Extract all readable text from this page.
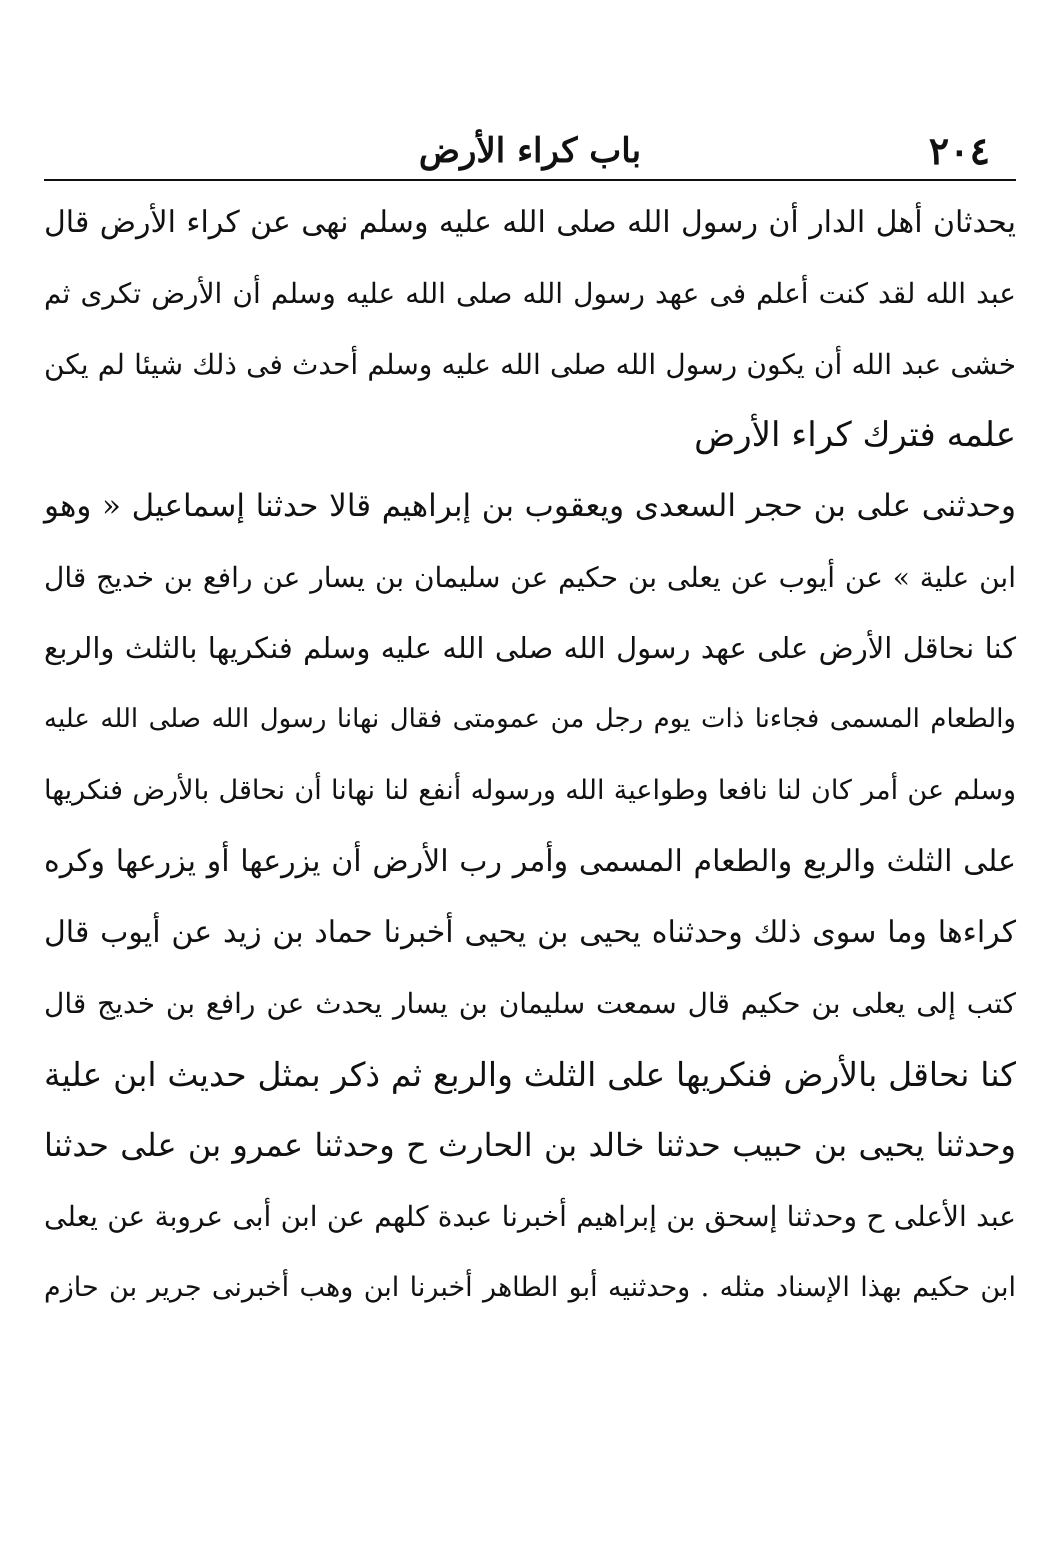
٢٠٤
باب كراء الأرض
يحدثان أهل الدار أن رسول الله صلى الله عليه وسلم نهى عن كراء الأرض قال
عبد الله لقد كنت أعلم فى عهد رسول الله صلى الله عليه وسلم أن الأرض تكرى ثم
خشى عبد الله أن يكون رسول الله صلى الله عليه وسلم أحدث فى ذلك شيئا لم يكن
علمه فترك كراء الأرض
وحدثنى على بن حجر السعدى ويعقوب بن إبراهيم قالا حدثنا إسماعيل « وهو
ابن علية » عن أيوب عن يعلى بن حكيم عن سليمان بن يسار عن رافع بن خديج قال
كنا نحاقل الأرض على عهد رسول الله صلى الله عليه وسلم فنكريها بالثلث والربع
والطعام المسمى فجاءنا ذات يوم رجل من عمومتى فقال نهانا رسول الله صلى الله عليه
وسلم عن أمر كان لنا نافعا وطواعية الله ورسوله أنفع لنا نهانا أن نحاقل بالأرض فنكريها
على الثلث والربع والطعام المسمى وأمر رب الأرض أن يزرعها أو يزرعها وكره
كراءها وما سوى ذلك وحدثناه يحيى بن يحيى أخبرنا حماد بن زيد عن أيوب قال
كتب إلى يعلى بن حكيم قال سمعت سليمان بن يسار يحدث عن رافع بن خديج قال
كنا نحاقل بالأرض فنكريها على الثلث والربع ثم ذكر بمثل حديث ابن علية
وحدثنا يحيى بن حبيب حدثنا خالد بن الحارث ح وحدثنا عمرو بن على حدثنا
عبد الأعلى ح وحدثنا إسحق بن إبراهيم أخبرنا عبدة كلهم عن ابن أبى عروبة عن يعلى
ابن حكيم بهذا الإسناد مثله . وحدثنيه أبو الطاهر أخبرنا ابن وهب أخبرنى جرير بن حازم
